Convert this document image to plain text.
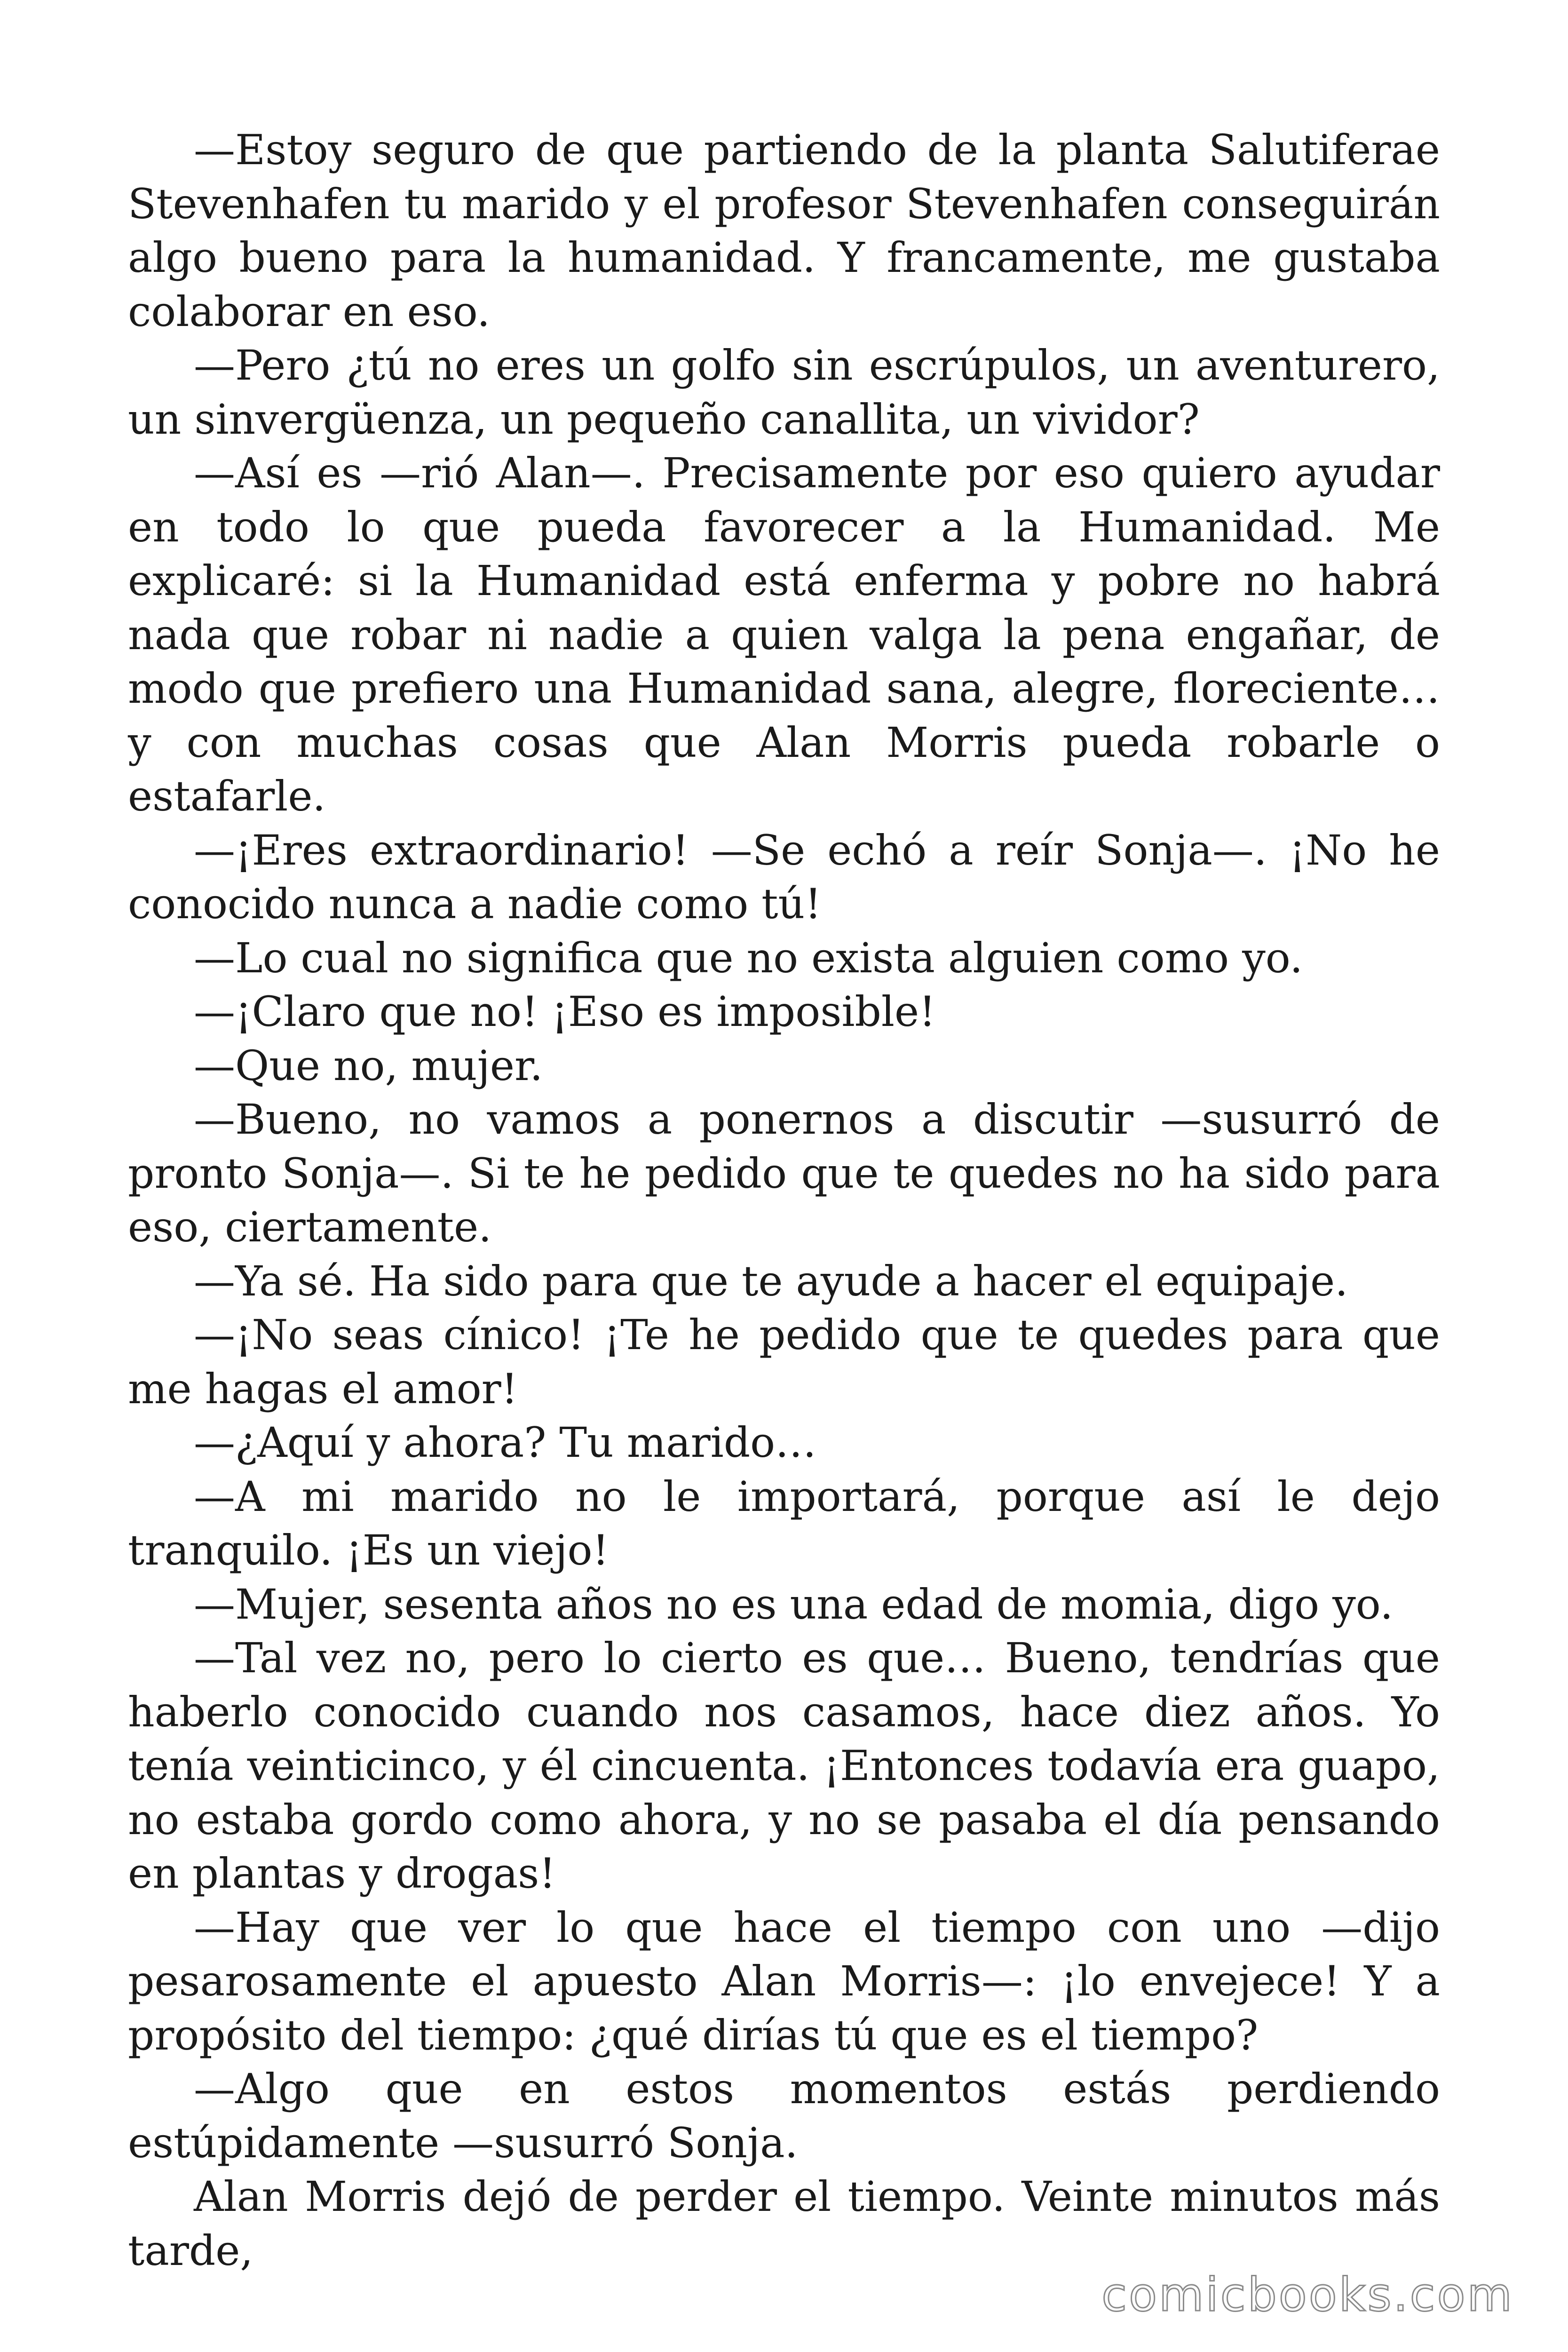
—Estoy seguro de que partiendo de la planta Salutiferae Stevenhafen tu marido y el profesor Stevenhafen conseguirán algo bueno para la humanidad. Y francamente, me gustaba colaborar en eso.

—Pero ¿tú no eres un golfo sin escrúpulos, un aventurero, un sinvergüenza, un pequeño canallita, un vividor?

—Así es —rió Alan—. Precisamente por eso quiero ayudar en todo lo que pueda favorecer a la Humanidad. Me explicaré: si la Humanidad está enferma y pobre no habrá nada que robar ni nadie a quien valga la pena engañar, de modo que prefiero una Humanidad sana, alegre, floreciente… y con muchas cosas que Alan Morris pueda robarle o estafarle.

—¡Eres extraordinario! —Se echó a reír Sonja—. ¡No he conocido nunca a nadie como tú!

—Lo cual no significa que no exista alguien como yo.

—¡Claro que no! ¡Eso es imposible!

—Que no, mujer.

—Bueno, no vamos a ponernos a discutir —susurró de pronto Sonja—. Si te he pedido que te quedes no ha sido para eso, ciertamente.

—Ya sé. Ha sido para que te ayude a hacer el equipaje.

—¡No seas cínico! ¡Te he pedido que te quedes para que me hagas el amor!

—¿Aquí y ahora? Tu marido…

—A mi marido no le importará, porque así le dejo tranquilo. ¡Es un viejo!

—Mujer, sesenta años no es una edad de momia, digo yo.

—Tal vez no, pero lo cierto es que… Bueno, tendrías que haberlo conocido cuando nos casamos, hace diez años. Yo tenía veinticinco, y él cincuenta. ¡Entonces todavía era guapo, no estaba gordo como ahora, y no se pasaba el día pensando en plantas y drogas!

—Hay que ver lo que hace el tiempo con uno —dijo pesarosamente el apuesto Alan Morris—: ¡lo envejece! Y a propósito del tiempo: ¿qué dirías tú que es el tiempo?

—Algo que en estos momentos estás perdiendo estúpidamente —susurró Sonja.

Alan Morris dejó de perder el tiempo. Veinte minutos más tarde,

comicbooks.com
